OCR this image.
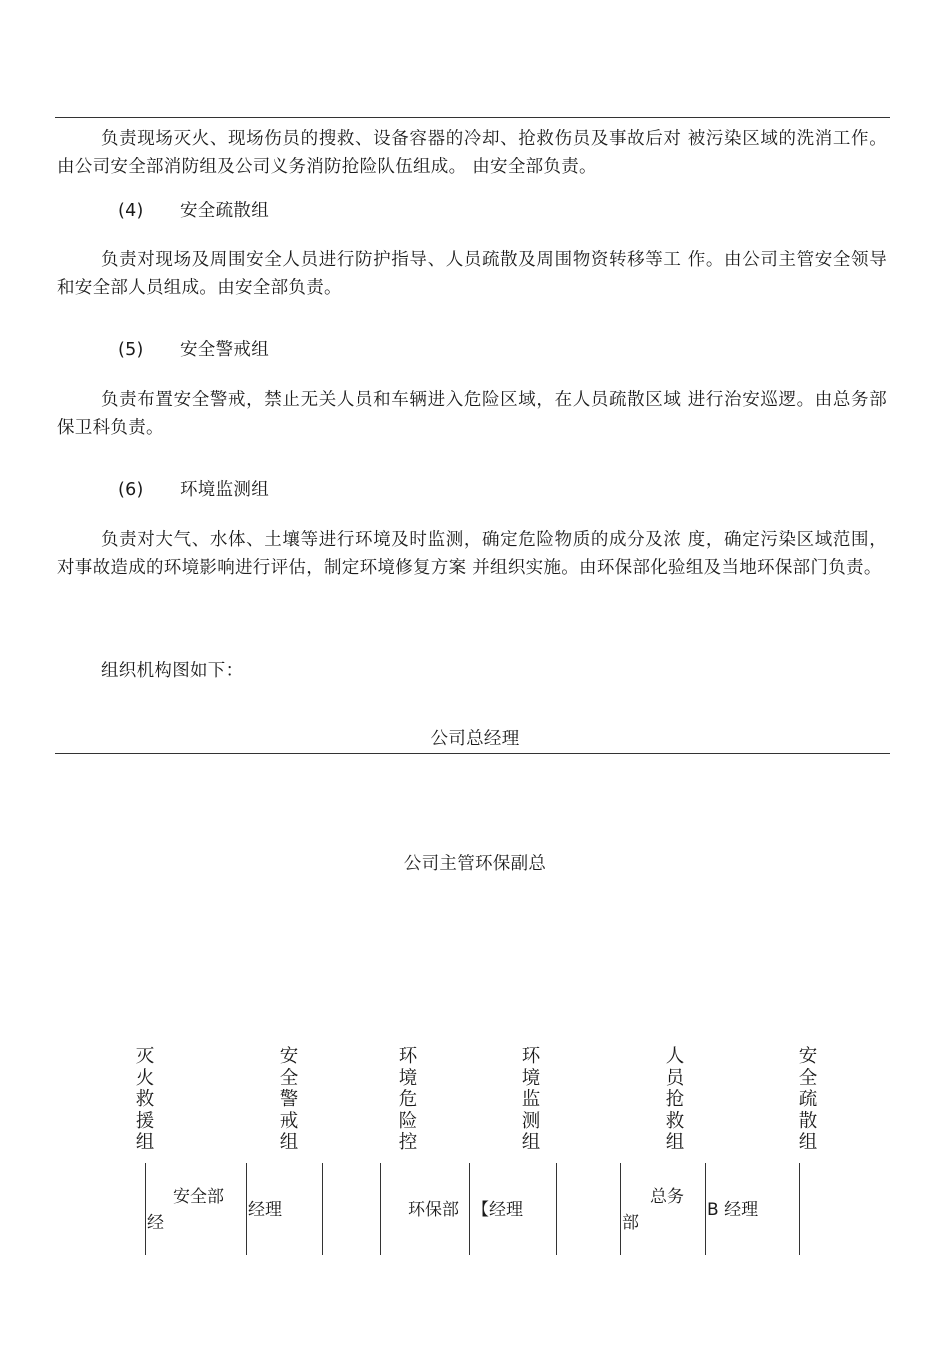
负责现场灭火、现场伤员的搜救、设备容器的冷却、抢救伤员及事故后对 被污染区域的洗消工作。由公司安全部消防组及公司义务消防抢险队伍组成。 由安全部负责。

(4) 安全疏散组

负责对现场及周围安全人员进行防护指导、人员疏散及周围物资转移等工 作。由公司主管安全领导和安全部人员组成。由安全部负责。

(5) 安全警戒组

负责布置安全警戒，禁止无关人员和车辆进入危险区域，在人员疏散区域 进行治安巡逻。由总务部保卫科负责。

(6) 环境监测组

负责对大气、水体、土壤等进行环境及时监测，确定危险物质的成分及浓 度，确定污染区域范围，对事故造成的环境影响进行评估，制定环境修复方案 并组织实施。由环保部化验组及当地环保部门负责。

组织机构图如下：

公司总经理
公司主管环保副总
灭火救援组
安全警戒组
环境危险控
环境监测组
人员抢救组
安全疏散组
安全部
经
经理	环保部 【经理
总务
部
B 经理
